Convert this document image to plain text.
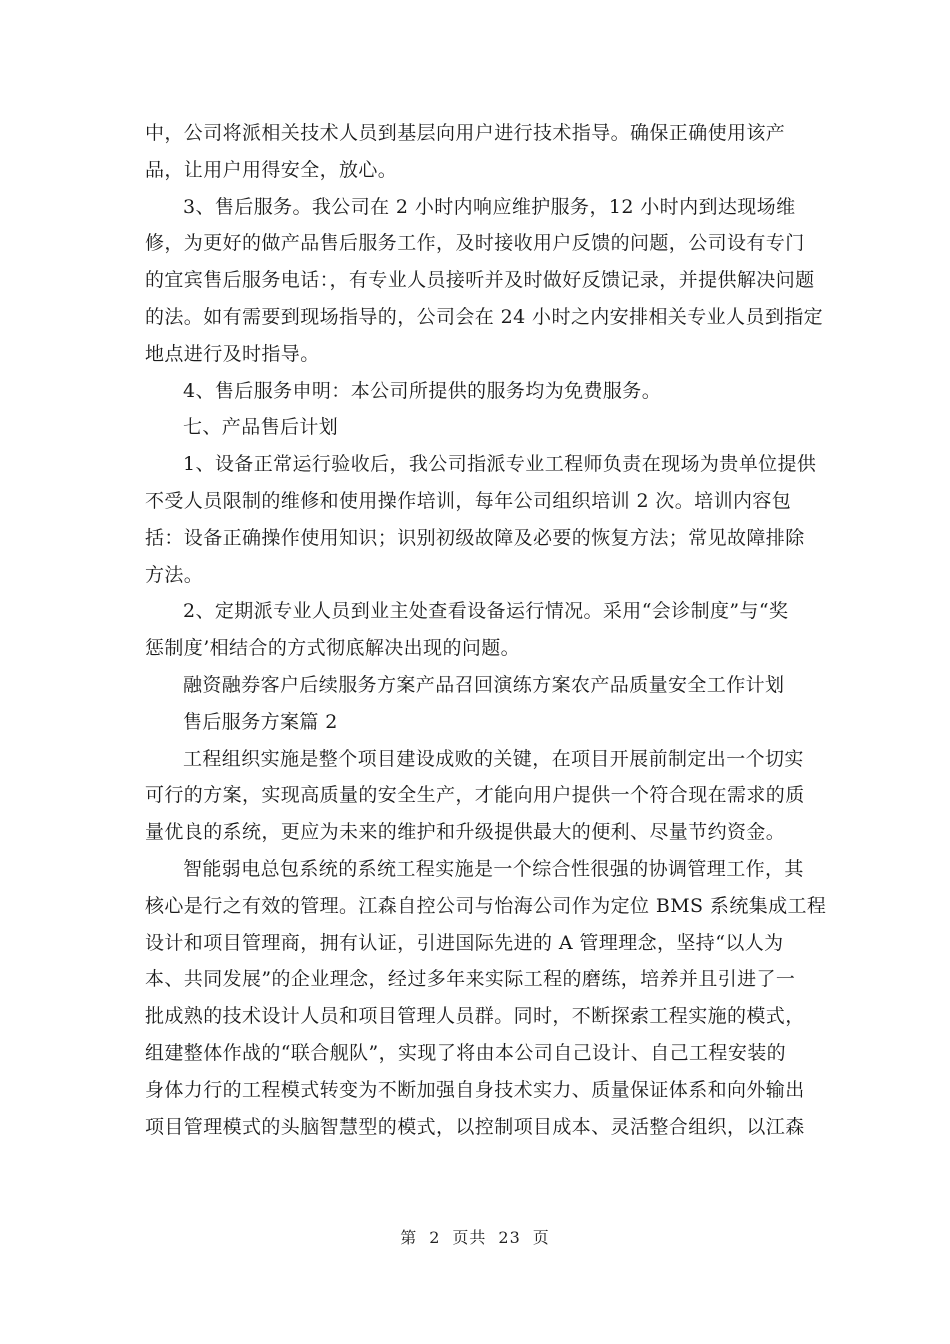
中，公司将派相关技术人员到基层向用户进行技术指导。确保正确使用该产
品，让用户用得安全，放心。
3、售后服务。我公司在 2 小时内响应维护服务，12 小时内到达现场维
修，为更好的做产品售后服务工作，及时接收用户反馈的问题，公司设有专门
的宜宾售后服务电话：，有专业人员接听并及时做好反馈记录，并提供解决问题
的法。如有需要到现场指导的，公司会在 24 小时之内安排相关专业人员到指定
地点进行及时指导。
4、售后服务申明：本公司所提供的服务均为免费服务。
七、产品售后计划
1、设备正常运行验收后，我公司指派专业工程师负责在现场为贵单位提供
不受人员限制的维修和使用操作培训，每年公司组织培训 2 次。培训内容包
括：设备正确操作使用知识；识别初级故障及必要的恢复方法；常见故障排除
方法。
2、定期派专业人员到业主处查看设备运行情况。采用“会诊制度”与“奖
惩制度’相结合的方式彻底解决出现的问题。
融资融券客户后续服务方案产品召回演练方案农产品质量安全工作计划
售后服务方案篇 2
工程组织实施是整个项目建设成败的关键，在项目开展前制定出一个切实
可行的方案，实现高质量的安全生产，才能向用户提供一个符合现在需求的质
量优良的系统，更应为未来的维护和升级提供最大的便利、尽量节约资金。
智能弱电总包系统的系统工程实施是一个综合性很强的协调管理工作，其
核心是行之有效的管理。江森自控公司与怡海公司作为定位 BMS 系统集成工程
设计和项目管理商，拥有认证，引进国际先进的 A 管理理念，坚持“以人为
本、共同发展”的企业理念，经过多年来实际工程的磨练，培养并且引进了一
批成熟的技术设计人员和项目管理人员群。同时，不断探索工程实施的模式，
组建整体作战的“联合舰队”，实现了将由本公司自己设计、自己工程安装的
身体力行的工程模式转变为不断加强自身技术实力、质量保证体系和向外输出
项目管理模式的头脑智慧型的模式，以控制项目成本、灵活整合组织，以江森
第 2 页共 23 页
